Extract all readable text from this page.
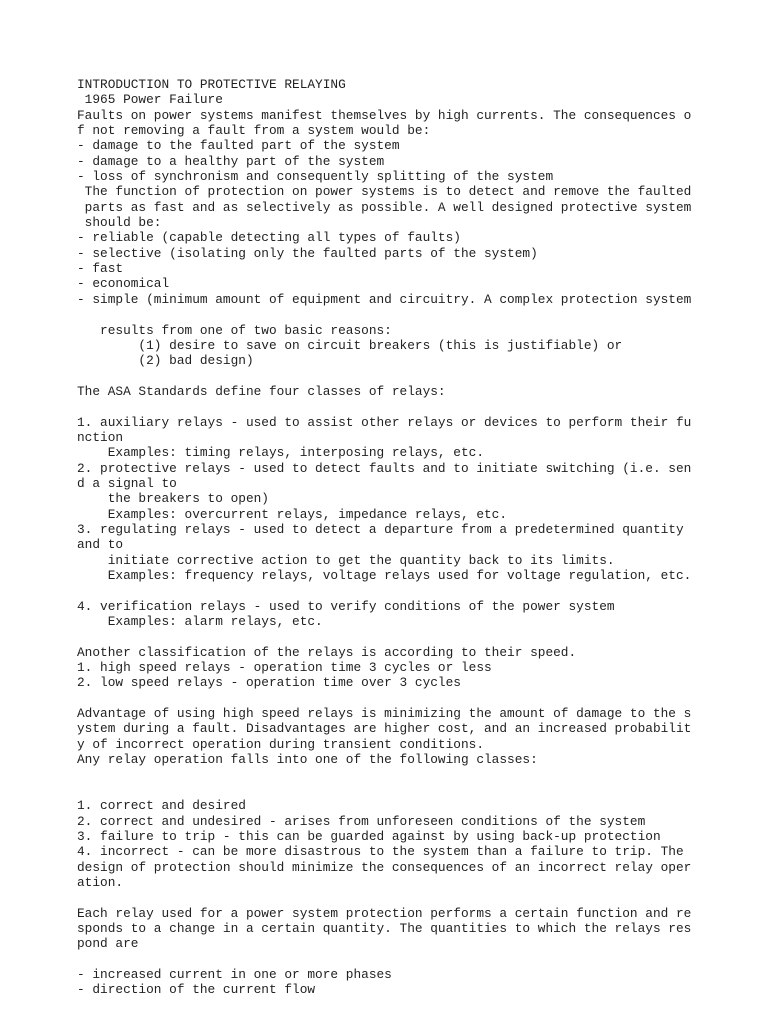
INTRODUCTION TO PROTECTIVE RELAYING
1965 Power Failure
Faults on power systems manifest themselves by high currents. The consequences o
f not removing a fault from a system would be:
- damage to the faulted part of the system
- damage to a healthy part of the system
- loss of synchronism and consequently splitting of the system
The function of protection on power systems is to detect and remove the faulted
parts as fast and as selectively as possible. A well designed protective system
should be:
- reliable (capable detecting all types of faults)
- selective (isolating only the faulted parts of the system)
- fast
- economical
- simple (minimum amount of equipment and circuitry. A complex protection system
results from one of two basic reasons:
(1) desire to save on circuit breakers (this is justifiable) or
(2) bad design)
The ASA Standards define four classes of relays:
1. auxiliary relays - used to assist other relays or devices to perform their fu
nction
Examples: timing relays, interposing relays, etc.
2. protective relays - used to detect faults and to initiate switching (i.e. sen
d a signal to
the breakers to open)
Examples: overcurrent relays, impedance relays, etc.
3. regulating relays - used to detect a departure from a predetermined quantity
and to
initiate corrective action to get the quantity back to its limits.
Examples: frequency relays, voltage relays used for voltage regulation, etc.
4. verification relays - used to verify conditions of the power system
Examples: alarm relays, etc.
Another classification of the relays is according to their speed.
1. high speed relays - operation time 3 cycles or less
2. low speed relays - operation time over 3 cycles
Advantage of using high speed relays is minimizing the amount of damage to the s
ystem during a fault. Disadvantages are higher cost, and an increased probabilit
y of incorrect operation during transient conditions.
Any relay operation falls into one of the following classes:
1. correct and desired
2. correct and undesired - arises from unforeseen conditions of the system
3. failure to trip - this can be guarded against by using back-up protection
4. incorrect - can be more disastrous to the system than a failure to trip. The
design of protection should minimize the consequences of an incorrect relay oper
ation.
Each relay used for a power system protection performs a certain function and re
sponds to a change in a certain quantity. The quantities to which the relays res
pond are
- increased current in one or more phases
- direction of the current flow
